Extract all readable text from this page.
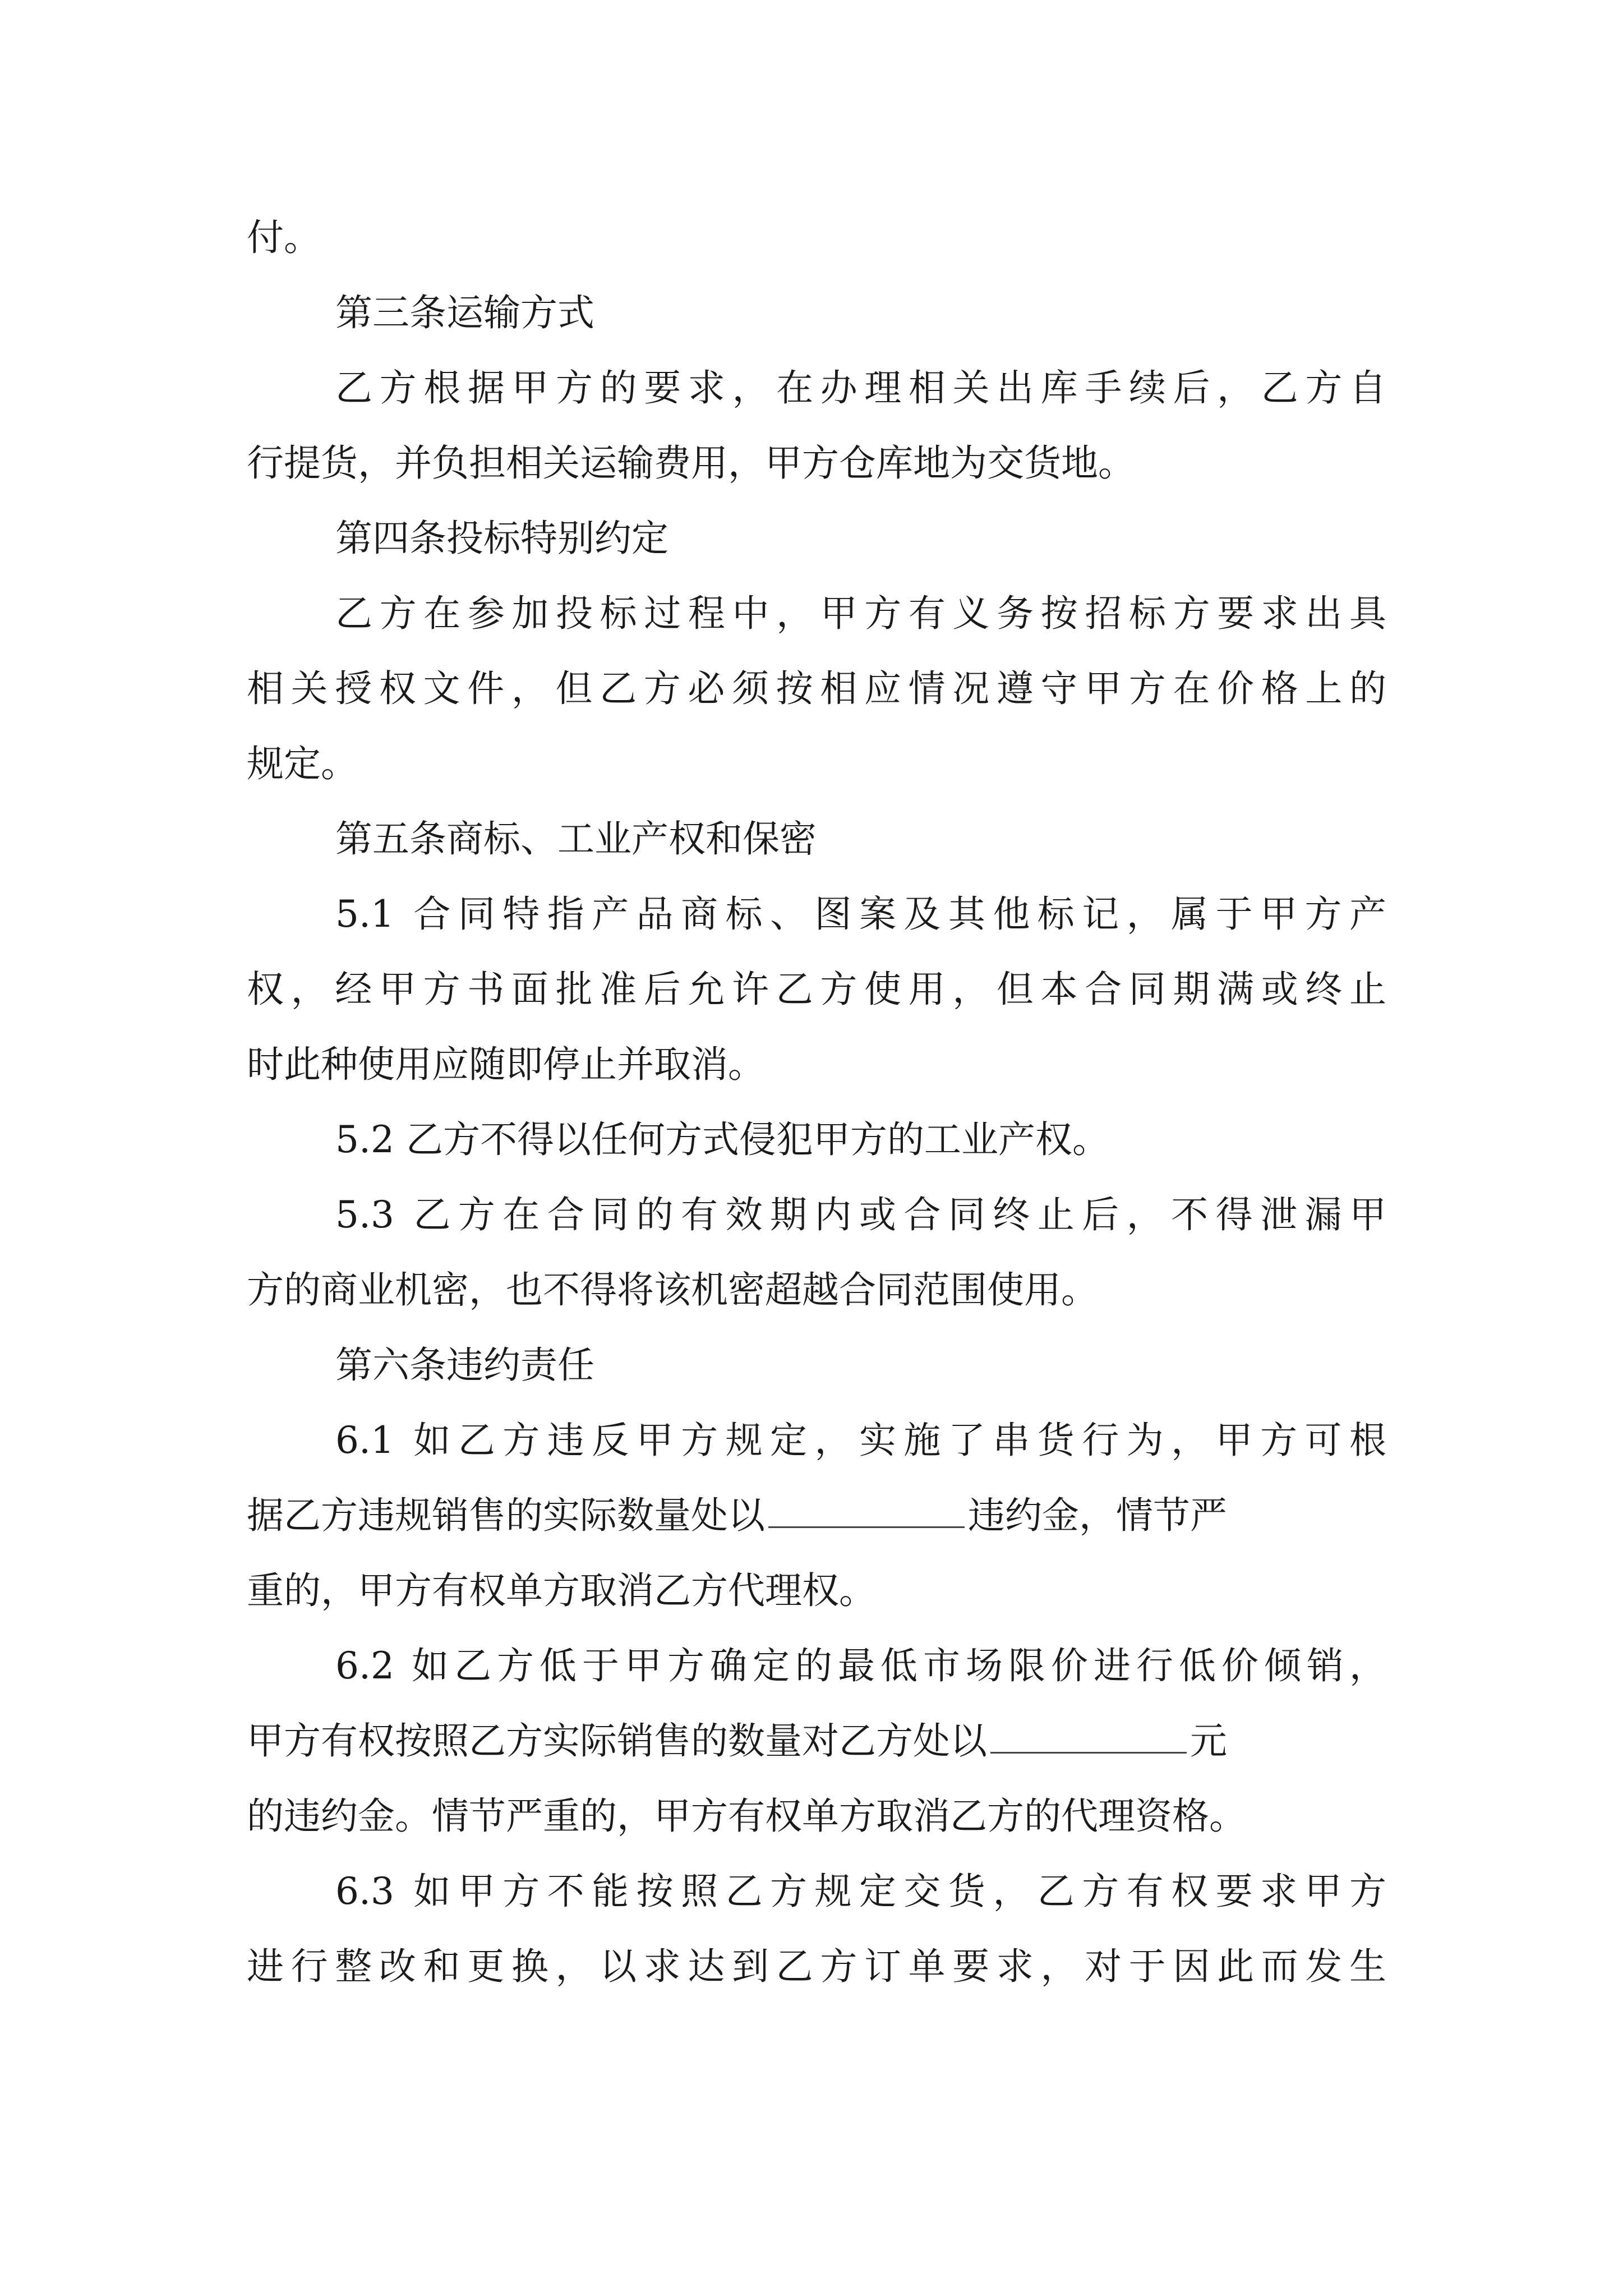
付。

第三条运输方式

乙方根据甲方的要求，在办理相关出库手续后，乙方自

行提货，并负担相关运输费用，甲方仓库地为交货地。

第四条投标特别约定

乙方在参加投标过程中，甲方有义务按招标方要求出具

相关授权文件，但乙方必须按相应情况遵守甲方在价格上的

规定。

第五条商标、工业产权和保密

5.1 合同特指产品商标、图案及其他标记，属于甲方产

权，经甲方书面批准后允许乙方使用，但本合同期满或终止

时此种使用应随即停止并取消。

5.2 乙方不得以任何方式侵犯甲方的工业产权。

5.3 乙方在合同的有效期内或合同终止后，不得泄漏甲

方的商业机密，也不得将该机密超越合同范围使用。

第六条违约责任

6.1 如乙方违反甲方规定，实施了串货行为，甲方可根

据乙方违规销售的实际数量处以	违约金，情节严

重的，甲方有权单方取消乙方代理权。

6.2 如乙方低于甲方确定的最低市场限价进行低价倾销，

甲方有权按照乙方实际销售的数量对乙方处以	元

的违约金。情节严重的，甲方有权单方取消乙方的代理资格。

6.3 如甲方不能按照乙方规定交货，乙方有权要求甲方

进行整改和更换，以求达到乙方订单要求，对于因此而发生
